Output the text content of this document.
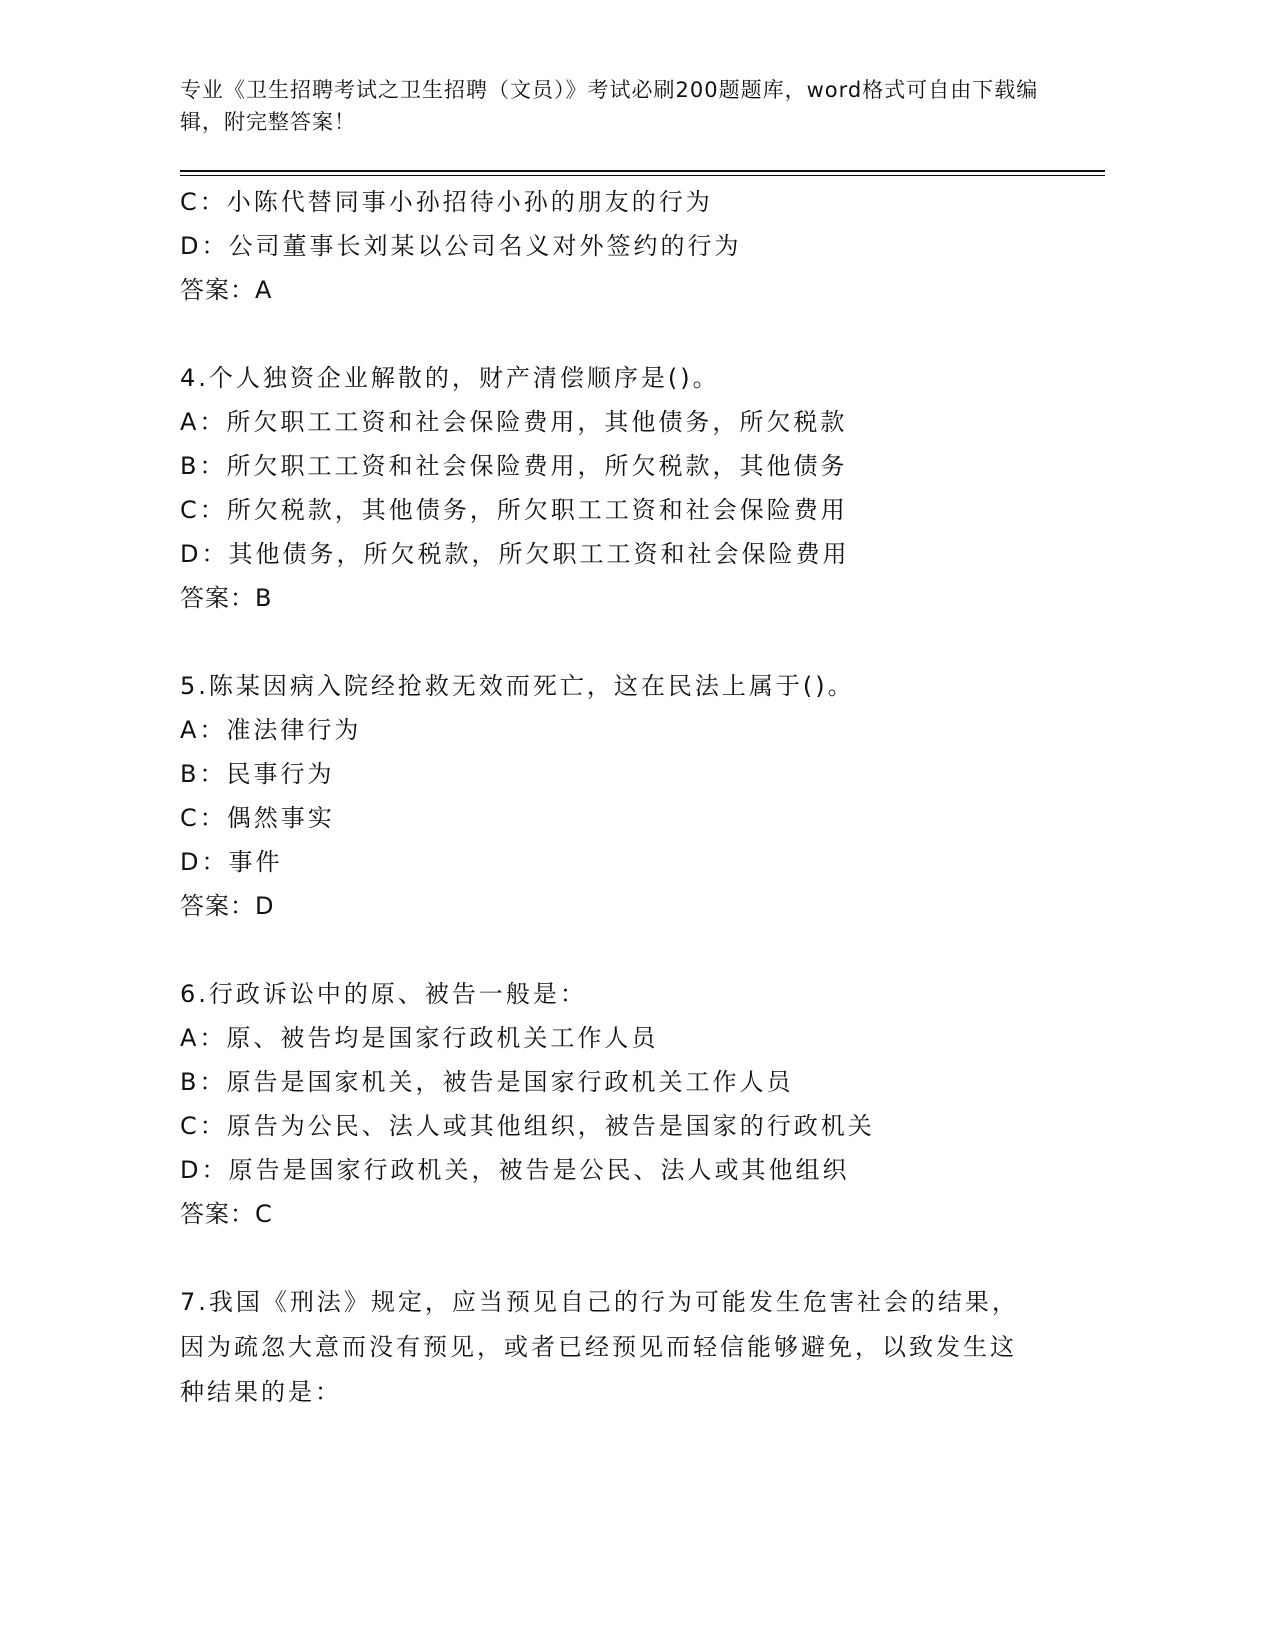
专业《卫生招聘考试之卫生招聘（文员）》考试必刷200题题库，word格式可自由下载编辑，附完整答案！
C：小陈代替同事小孙招待小孙的朋友的行为
D：公司董事长刘某以公司名义对外签约的行为
答案：A
4.个人独资企业解散的，财产清偿顺序是()。
A：所欠职工工资和社会保险费用，其他债务，所欠税款
B：所欠职工工资和社会保险费用，所欠税款，其他债务
C：所欠税款，其他债务，所欠职工工资和社会保险费用
D：其他债务，所欠税款，所欠职工工资和社会保险费用
答案：B
5.陈某因病入院经抢救无效而死亡，这在民法上属于()。
A：准法律行为
B：民事行为
C：偶然事实
D：事件
答案：D
6.行政诉讼中的原、被告一般是：
A：原、被告均是国家行政机关工作人员
B：原告是国家机关，被告是国家行政机关工作人员
C：原告为公民、法人或其他组织，被告是国家的行政机关
D：原告是国家行政机关，被告是公民、法人或其他组织
答案：C
7.我国《刑法》规定，应当预见自己的行为可能发生危害社会的结果，因为疏忽大意而没有预见，或者已经预见而轻信能够避免，以致发生这种结果的是：
